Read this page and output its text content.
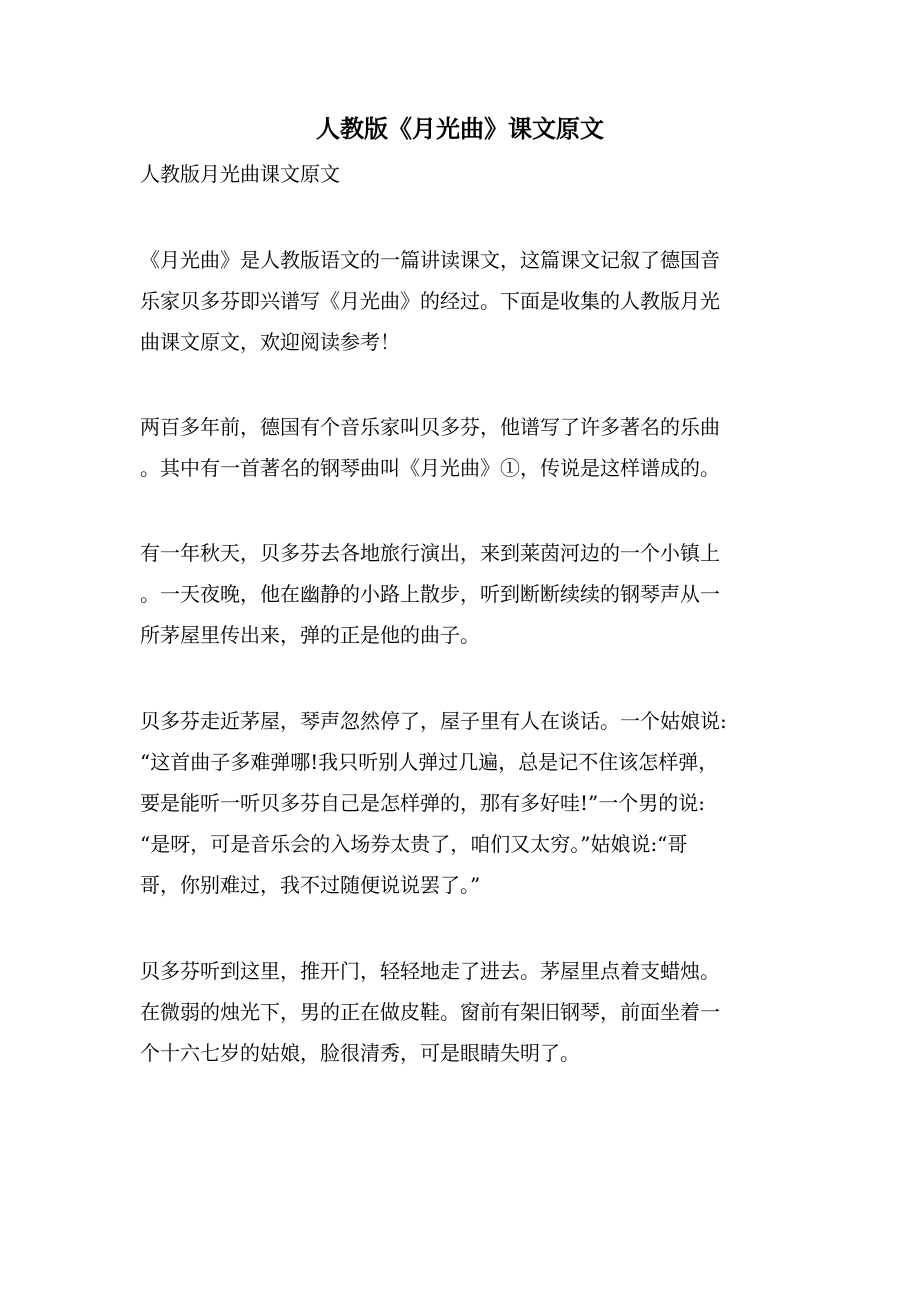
人教版《月光曲》课文原文

人教版月光曲课文原文

《月光曲》是人教版语文的一篇讲读课文，这篇课文记叙了德国音
乐家贝多芬即兴谱写《月光曲》的经过。下面是收集的人教版月光
曲课文原文，欢迎阅读参考！

两百多年前，德国有个音乐家叫贝多芬，他谱写了许多著名的乐曲
。其中有一首著名的钢琴曲叫《月光曲》①，传说是这样谱成的。

有一年秋天，贝多芬去各地旅行演出，来到莱茵河边的一个小镇上
。一天夜晚，他在幽静的小路上散步，听到断断续续的钢琴声从一
所茅屋里传出来，弹的正是他的曲子。

贝多芬走近茅屋，琴声忽然停了，屋子里有人在谈话。一个姑娘说:
“这首曲子多难弹哪!我只听别人弹过几遍，总是记不住该怎样弹，
要是能听一听贝多芬自己是怎样弹的，那有多好哇!”一个男的说:
“是呀，可是音乐会的入场券太贵了，咱们又太穷。”姑娘说:“哥
哥，你别难过，我不过随便说说罢了。”

贝多芬听到这里，推开门，轻轻地走了进去。茅屋里点着支蜡烛。
在微弱的烛光下，男的正在做皮鞋。窗前有架旧钢琴，前面坐着一
个十六七岁的姑娘，脸很清秀，可是眼睛失明了。
